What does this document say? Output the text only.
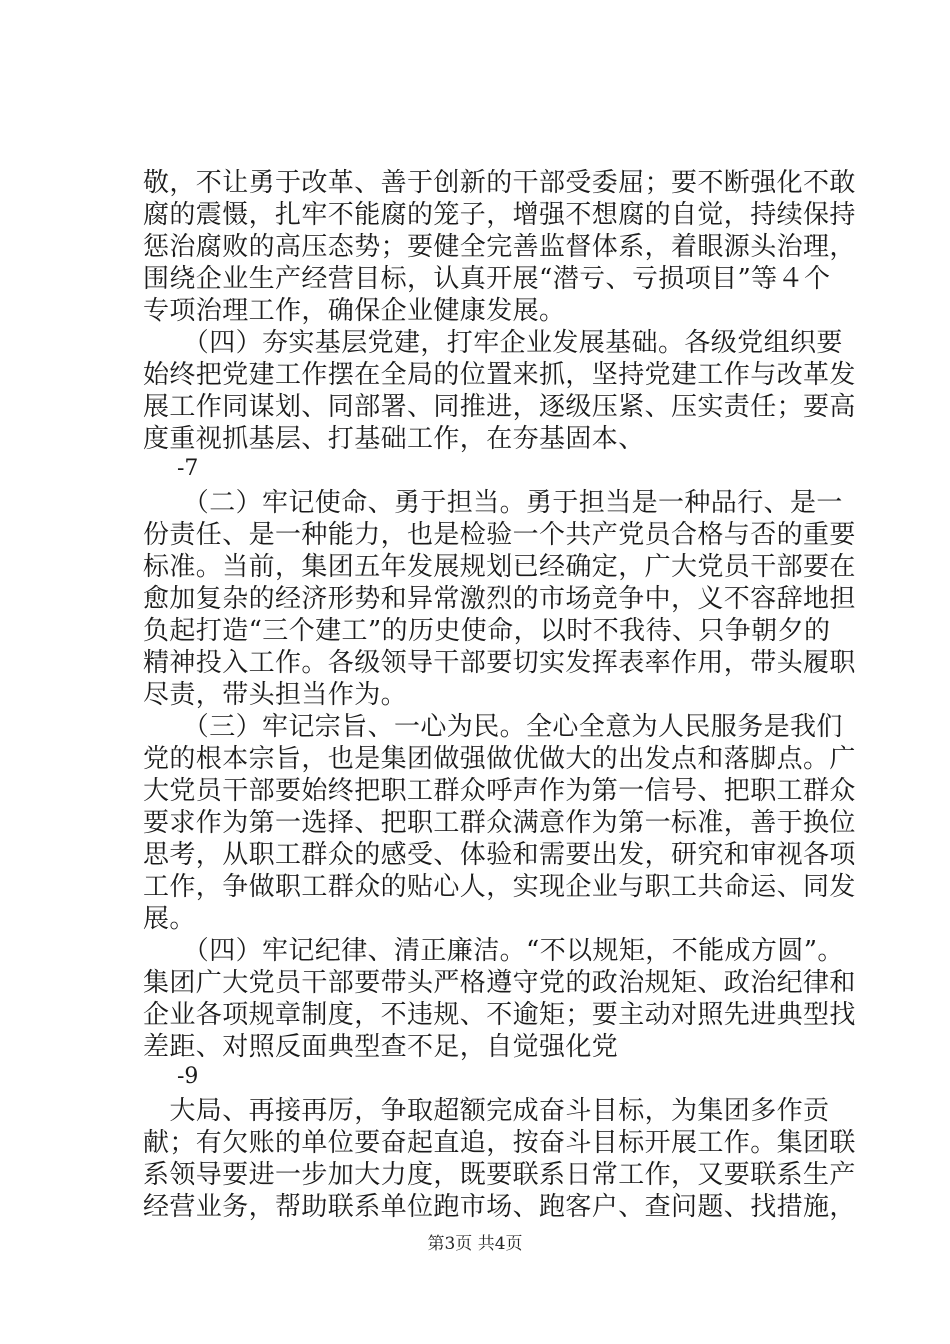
敬，不让勇于改革、善于创新的干部受委屈；要不断强化不敢
腐的震慑，扎牢不能腐的笼子，增强不想腐的自觉，持续保持
惩治腐败的高压态势；要健全完善监督体系，着眼源头治理，
围绕企业生产经营目标，认真开展“潜亏、亏损项目”等４个
专项治理工作，确保企业健康发展。
　　（四）夯实基层党建，打牢企业发展基础。各级党组织要
始终把党建工作摆在全局的位置来抓，坚持党建工作与改革发
展工作同谋划、同部署、同推进，逐级压紧、压实责任；要高
度重视抓基层、打基础工作，在夯基固本、
-7
　　（二）牢记使命、勇于担当。勇于担当是一种品行、是一
份责任、是一种能力，也是检验一个共产党员合格与否的重要
标准。当前，集团五年发展规划已经确定，广大党员干部要在
愈加复杂的经济形势和异常激烈的市场竞争中，义不容辞地担
负起打造“三个建工”的历史使命，以时不我待、只争朝夕的
精神投入工作。各级领导干部要切实发挥表率作用，带头履职
尽责，带头担当作为。
　　（三）牢记宗旨、一心为民。全心全意为人民服务是我们
党的根本宗旨，也是集团做强做优做大的出发点和落脚点。广
大党员干部要始终把职工群众呼声作为第一信号、把职工群众
要求作为第一选择、把职工群众满意作为第一标准，善于换位
思考，从职工群众的感受、体验和需要出发，研究和审视各项
工作，争做职工群众的贴心人，实现企业与职工共命运、同发
展。
　　（四）牢记纪律、清正廉洁。“不以规矩，不能成方圆”。
集团广大党员干部要带头严格遵守党的政治规矩、政治纪律和
企业各项规章制度，不违规、不逾矩；要主动对照先进典型找
差距、对照反面典型查不足，自觉强化党
-9
　大局、再接再厉，争取超额完成奋斗目标，为集团多作贡
献；有欠账的单位要奋起直追，按奋斗目标开展工作。集团联
系领导要进一步加大力度，既要联系日常工作，又要联系生产
经营业务，帮助联系单位跑市场、跑客户、查问题、找措施，
第3页 共4页
